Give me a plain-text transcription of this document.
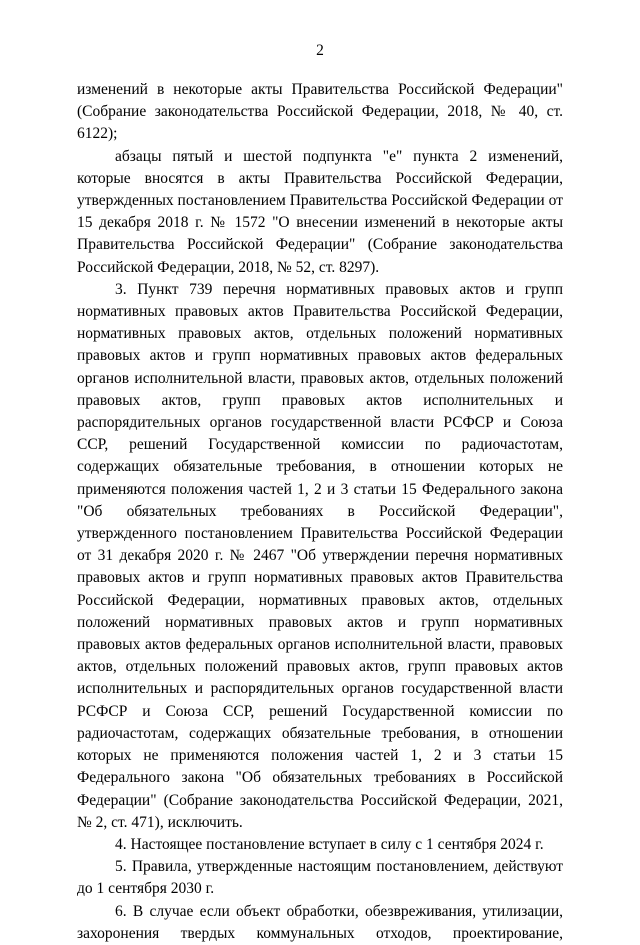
2

изменений в некоторые акты Правительства Российской Федерации" (Собрание законодательства Российской Федерации, 2018, № 40, ст. 6122);

абзацы пятый и шестой подпункта "е" пункта 2 изменений, которые вносятся в акты Правительства Российской Федерации, утвержденных постановлением Правительства Российской Федерации от 15 декабря 2018 г. № 1572 "О внесении изменений в некоторые акты Правительства Российской Федерации" (Собрание законодательства Российской Федерации, 2018, № 52, ст. 8297).

3. Пункт 739 перечня нормативных правовых актов и групп нормативных правовых актов Правительства Российской Федерации, нормативных правовых актов, отдельных положений нормативных правовых актов и групп нормативных правовых актов федеральных органов исполнительной власти, правовых актов, отдельных положений правовых актов, групп правовых актов исполнительных и распорядительных органов государственной власти РСФСР и Союза ССР, решений Государственной комиссии по радиочастотам, содержащих обязательные требования, в отношении которых не применяются положения частей 1, 2 и 3 статьи 15 Федерального закона "Об обязательных требованиях в Российской Федерации", утвержденного постановлением Правительства Российской Федерации от 31 декабря 2020 г. № 2467 "Об утверждении перечня нормативных правовых актов и групп нормативных правовых актов Правительства Российской Федерации, нормативных правовых актов, отдельных положений нормативных правовых актов и групп нормативных правовых актов федеральных органов исполнительной власти, правовых актов, отдельных положений правовых актов, групп правовых актов исполнительных и распорядительных органов государственной власти РСФСР и Союза ССР, решений Государственной комиссии по радиочастотам, содержащих обязательные требования, в отношении которых не применяются положения частей 1, 2 и 3 статьи 15 Федерального закона "Об обязательных требованиях в Российской Федерации" (Собрание законодательства Российской Федерации, 2021, № 2, ст. 471), исключить.

4. Настоящее постановление вступает в силу с 1 сентября 2024 г.

5. Правила, утвержденные настоящим постановлением, действуют до 1 сентября 2030 г.

6. В случае если объект обработки, обезвреживания, утилизации, захоронения твердых коммунальных отходов, проектирование,
